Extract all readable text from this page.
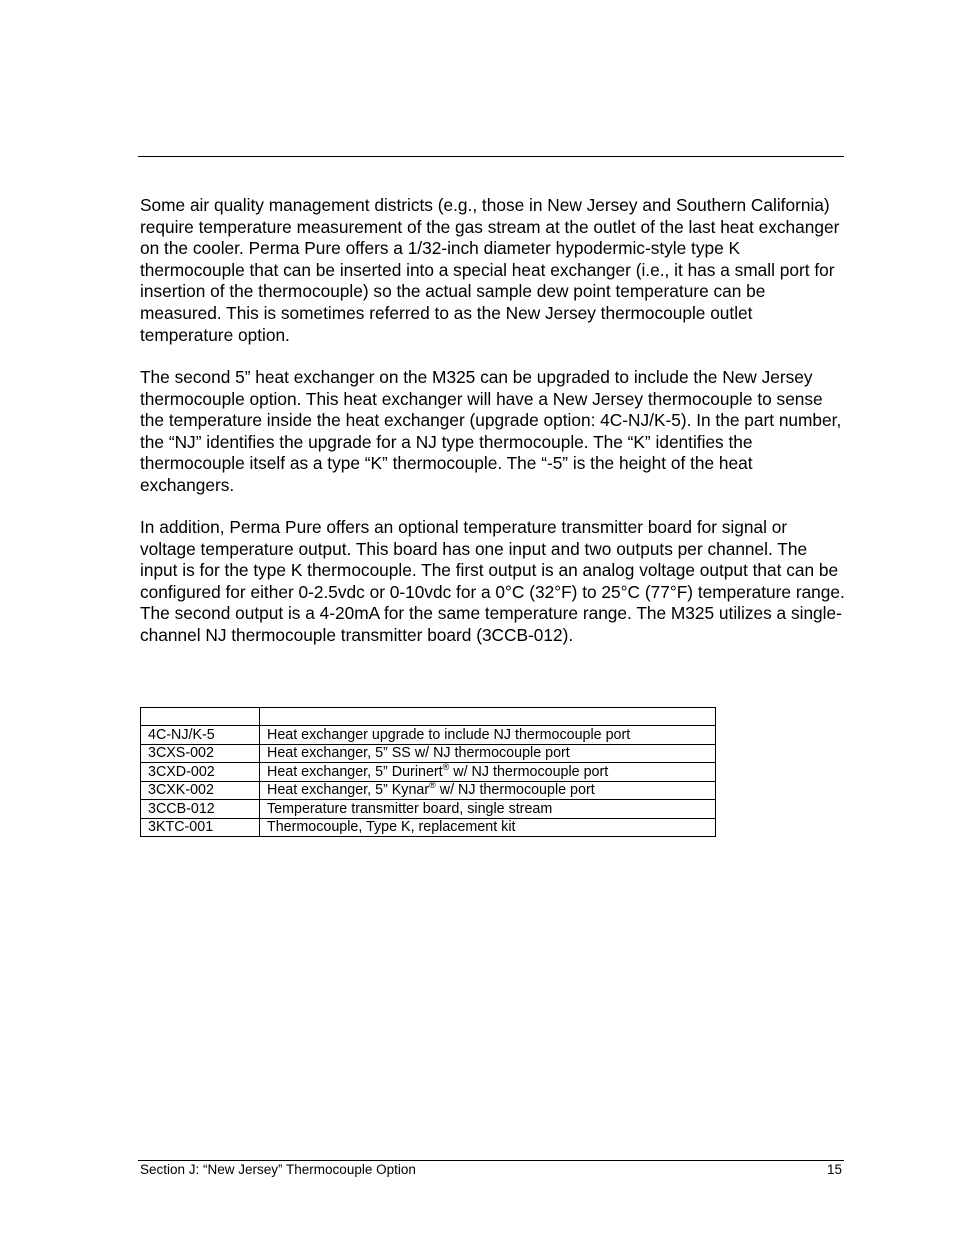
Some air quality management districts (e.g., those in New Jersey and Southern California) require temperature measurement of the gas stream at the outlet of the last heat exchanger on the cooler. Perma Pure offers a 1/32-inch diameter hypodermic-style type K thermocouple that can be inserted into a special heat exchanger (i.e., it has a small port for insertion of the thermocouple) so the actual sample dew point temperature can be measured. This is sometimes referred to as the New Jersey thermocouple outlet temperature option.

The second 5” heat exchanger on the M325 can be upgraded to include the New Jersey thermocouple option. This heat exchanger will have a New Jersey thermocouple to sense the temperature inside the heat exchanger (upgrade option: 4C-NJ/K-5). In the part number, the “NJ” identifies the upgrade for a NJ type thermocouple. The “K” identifies the thermocouple itself as a type “K” thermocouple. The “-5” is the height of the heat exchangers.

In addition, Perma Pure offers an optional temperature transmitter board for signal or voltage temperature output. This board has one input and two outputs per channel. The input is for the type K thermocouple. The first output is an analog voltage output that can be configured for either 0-2.5vdc or 0-10vdc for a 0°C (32°F) to 25°C (77°F) temperature range. The second output is a 4-20mA for the same temperature range. The M325 utilizes a single-channel NJ thermocouple transmitter board (3CCB-012).

4C-NJ/K-5	Heat exchanger upgrade to include NJ thermocouple port
3CXS-002	Heat exchanger, 5” SS w/ NJ thermocouple port
3CXD-002	Heat exchanger, 5” Durinert® w/ NJ thermocouple port
3CXK-002	Heat exchanger, 5” Kynar® w/ NJ thermocouple port
3CCB-012	Temperature transmitter board, single stream
3KTC-001	Thermocouple, Type K, replacement kit
Section J: “New Jersey” Thermocouple Option	15
